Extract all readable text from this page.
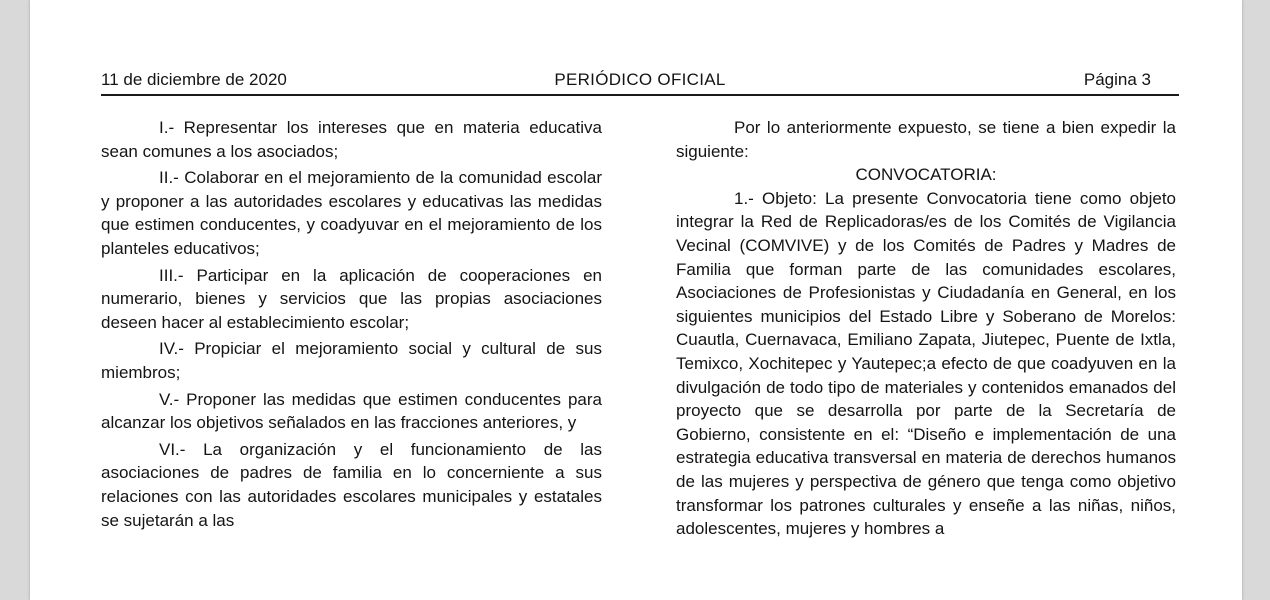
11 de diciembre de 2020	PERIÓDICO OFICIAL	Página 3

I.- Representar los intereses que en materia educativa sean comunes a los asociados;

II.- Colaborar en el mejoramiento de la comunidad escolar y proponer a las autoridades escolares y educativas las medidas que estimen conducentes, y coadyuvar en el mejoramiento de los planteles educativos;

III.- Participar en la aplicación de cooperaciones en numerario, bienes y servicios que las propias asociaciones deseen hacer al establecimiento escolar;

IV.- Propiciar el mejoramiento social y cultural de sus miembros;

V.- Proponer las medidas que estimen conducentes para alcanzar los objetivos señalados en las fracciones anteriores, y

VI.- La organización y el funcionamiento de las asociaciones de padres de familia en lo concerniente a sus relaciones con las autoridades escolares municipales y estatales se sujetarán a las

Por lo anteriormente expuesto, se tiene a bien expedir la siguiente:

CONVOCATORIA:

1.- Objeto: La presente Convocatoria tiene como objeto integrar la Red de Replicadoras/es de los Comités de Vigilancia Vecinal (COMVIVE) y de los Comités de Padres y Madres de Familia que forman parte de las comunidades escolares, Asociaciones de Profesionistas y Ciudadanía en General, en los siguientes municipios del Estado Libre y Soberano de Morelos: Cuautla, Cuernavaca, Emiliano Zapata, Jiutepec, Puente de Ixtla, Temixco, Xochitepec y Yautepec;a efecto de que coadyuven en la divulgación de todo tipo de materiales y contenidos emanados del proyecto que se desarrolla por parte de la Secretaría de Gobierno, consistente en el: “Diseño e implementación de una estrategia educativa transversal en materia de derechos humanos de las mujeres y perspectiva de género que tenga como objetivo transformar los patrones culturales y enseñe a las niñas, niños, adolescentes, mujeres y hombres a
